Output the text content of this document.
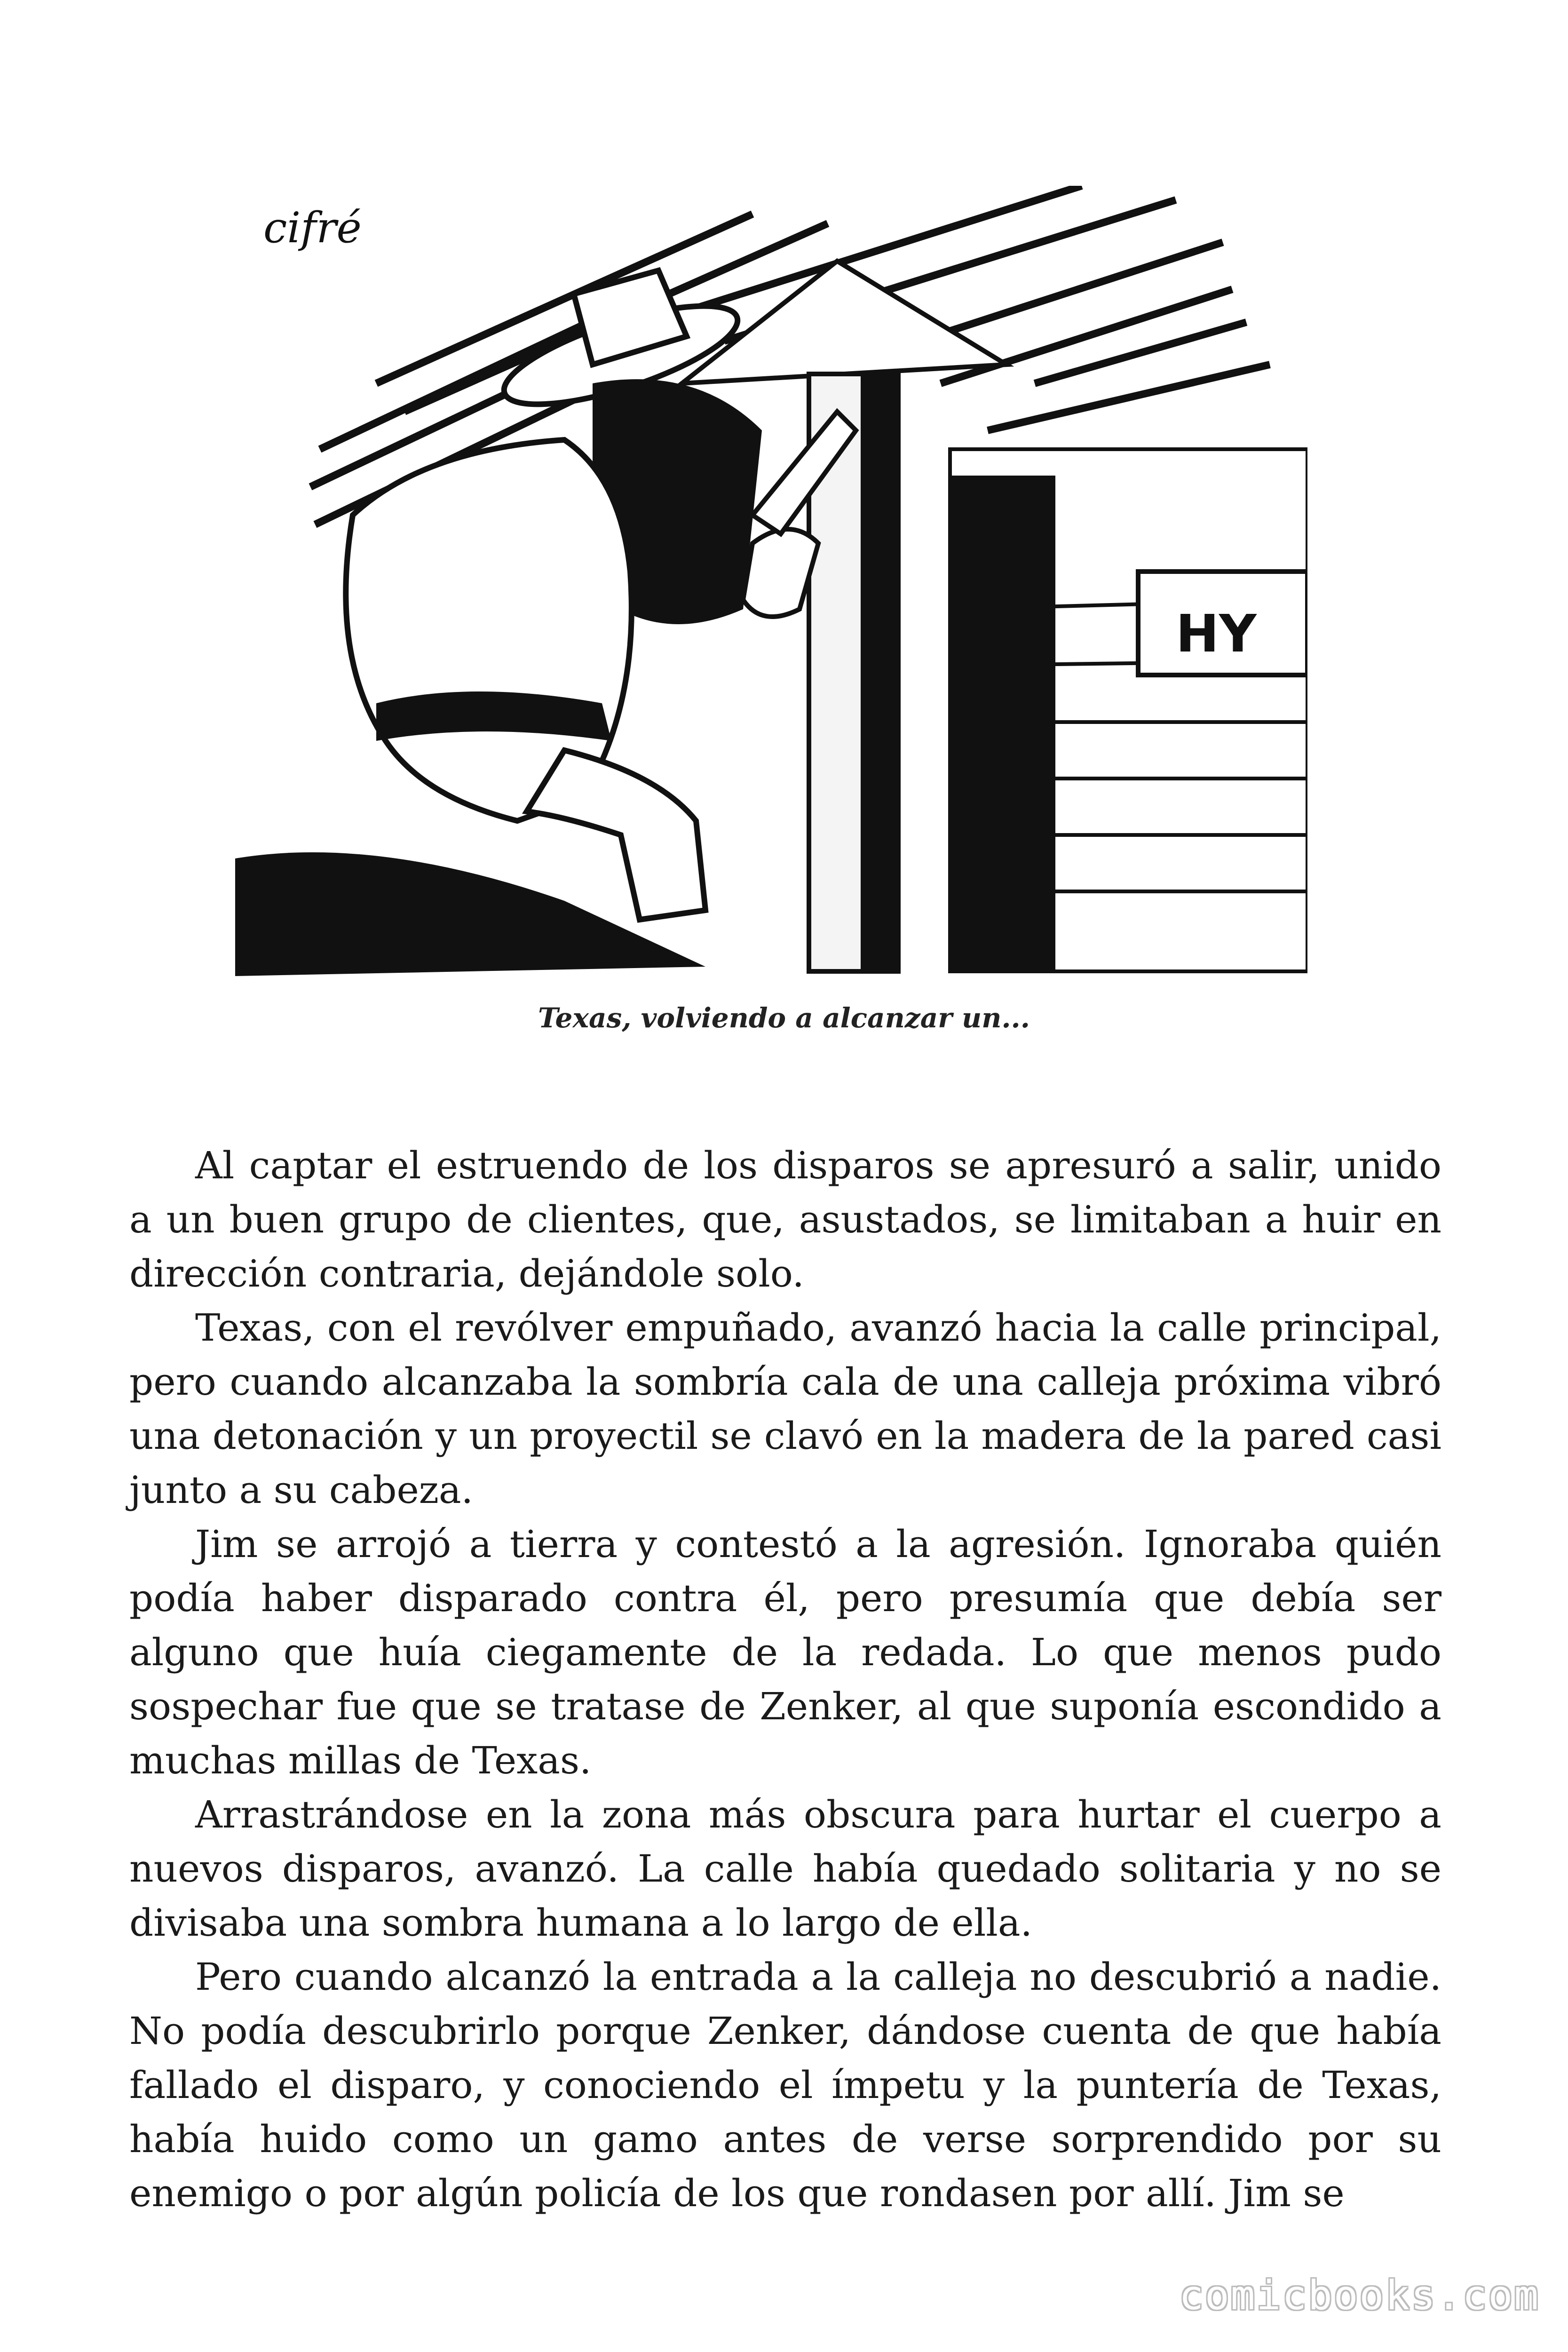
HY
cifré
Texas, volviendo a alcanzar un...

Al captar el estruendo de los disparos se apresuró a salir, unido a un buen grupo de clientes, que, asustados, se limitaban a huir en dirección contraria, dejándole solo.

Texas, con el revólver empuñado, avanzó hacia la calle principal, pero cuando alcanzaba la sombría cala de una calleja próxima vibró una detonación y un proyectil se clavó en la madera de la pared casi junto a su cabeza.

Jim se arrojó a tierra y contestó a la agresión. Ignoraba quién podía haber disparado contra él, pero presumía que debía ser alguno que huía ciegamente de la redada. Lo que menos pudo sospechar fue que se tratase de Zenker, al que suponía escondido a muchas millas de Texas.

Arrastrándose en la zona más obscura para hurtar el cuerpo a nuevos disparos, avanzó. La calle había quedado solitaria y no se divisaba una sombra humana a lo largo de ella.

Pero cuando alcanzó la entrada a la calleja no descubrió a nadie. No podía descubrirlo porque Zenker, dándose cuenta de que había fallado el disparo, y conociendo el ímpetu y la puntería de Texas, había huido como un gamo antes de verse sorprendido por su enemigo o por algún policía de los que rondasen por allí. Jim se

comicbooks.com
